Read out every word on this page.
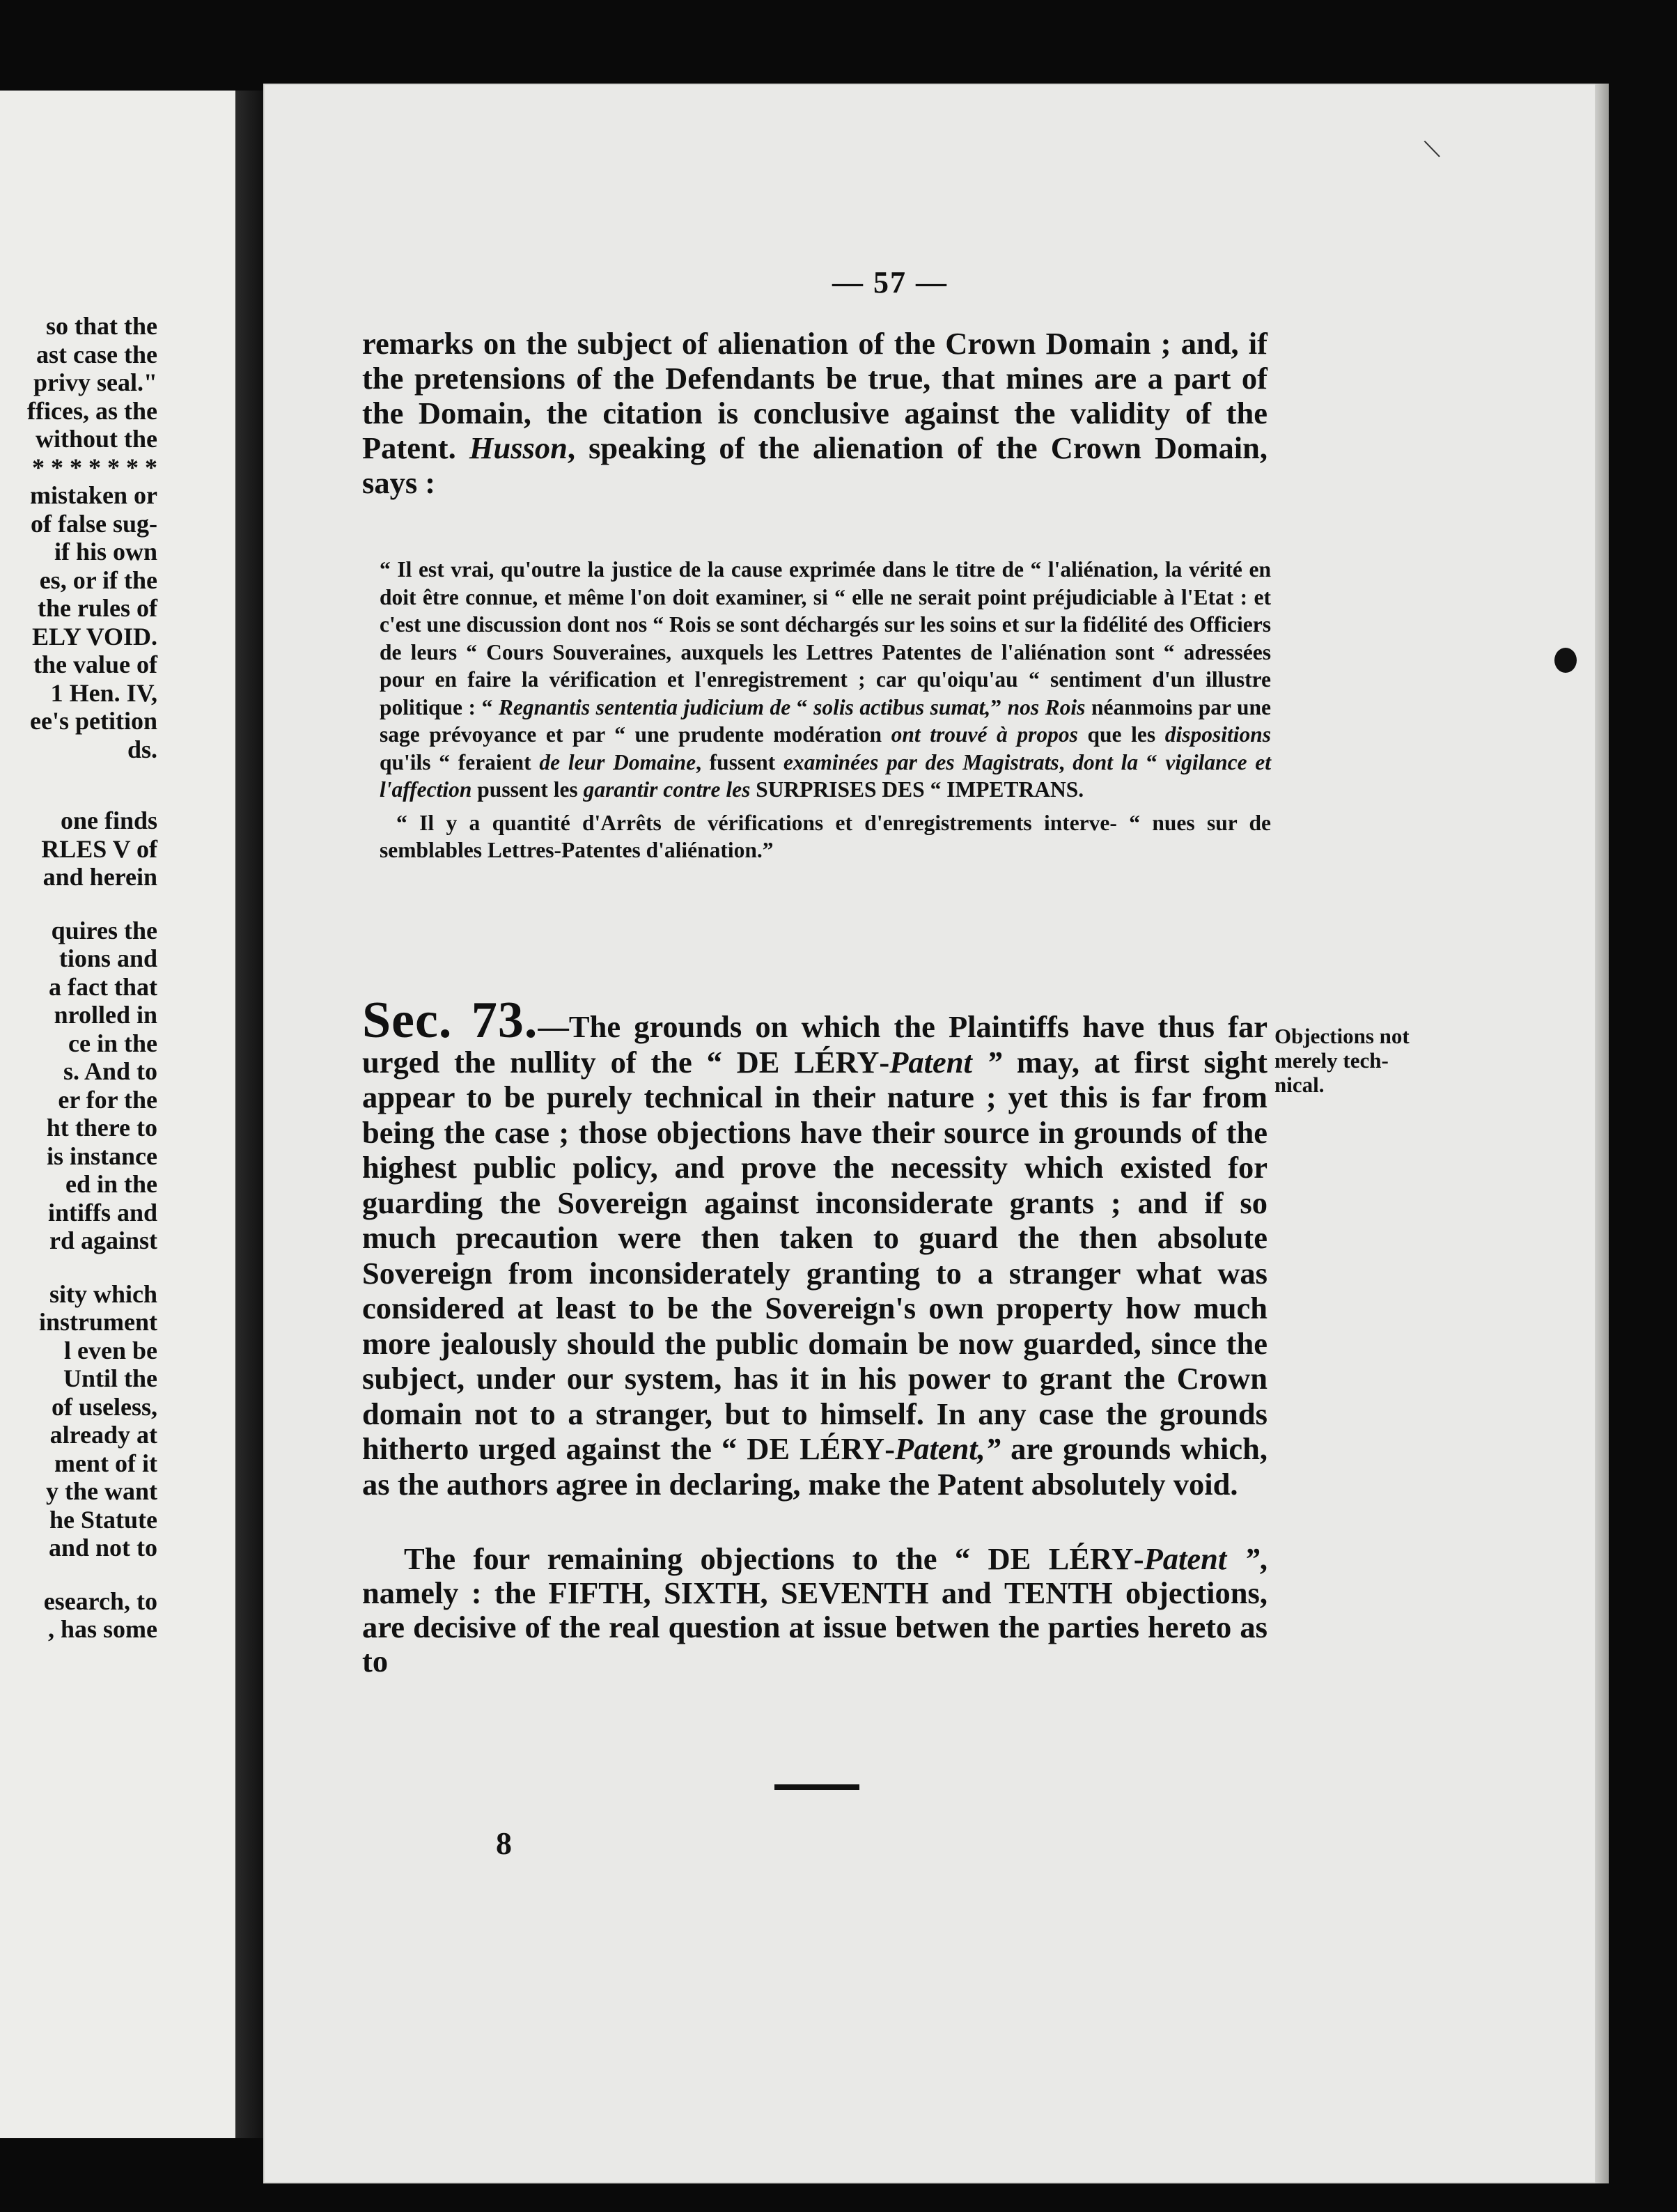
so that the
ast case the
privy seal."
ffices, as the
without the
* * * * * * *
mistaken or
of false sug-
if his own
es, or if the
the rules of
ELY VOID.
the value of
1 Hen. IV,
ee's petition
ds.
one finds
RLES V of
and herein
quires the
tions and
a fact that
nrolled in
ce in the
s. And to
er for the
ht there to
is instance
ed in the
intiffs and
rd against
sity which
instrument
l even be
Until the
of useless,
already at
ment of it
y the want
he Statute
and not to
esearch, to
, has some
\
— 57 —
remarks on the subject of alienation of the Crown Domain ; and, if the pretensions of the Defendants be true, that mines are a part of the Domain, the citation is conclusive against the validity of the Patent. Husson, speaking of the alienation of the Crown Domain, says :

“ Il est vrai, qu'outre la justice de la cause exprimée dans le titre de “ l'aliénation, la vérité en doit être connue, et même l'on doit examiner, si “ elle ne serait point préjudiciable à l'Etat : et c'est une discussion dont nos “ Rois se sont déchargés sur les soins et sur la fidélité des Officiers de leurs “ Cours Souveraines, auxquels les Lettres Patentes de l'aliénation sont “ adressées pour en faire la vérification et l'enregistrement ; car qu'oiqu'au “ sentiment d'un illustre politique : “ Regnantis sententia judicium de “ solis actibus sumat,” nos Rois néanmoins par une sage prévoyance et par “ une prudente modération ont trouvé à propos que les dispositions qu'ils “ feraient de leur Domaine, fussent examinées par des Magistrats, dont la “ vigilance et l'affection pussent les garantir contre les SURPRISES DES “ IMPETRANS.

“ Il y a quantité d'Arrêts de vérifications et d'enregistrements interve- “ nues sur de semblables Lettres-Patentes d'aliénation.”

Sec. 73.—The grounds on which the Plaintiffs have thus far urged the nullity of the “ DE LÉRY-Patent ” may, at first sight appear to be purely technical in their nature ; yet this is far from being the case ; those objections have their source in grounds of the highest public policy, and prove the necessity which existed for guarding the Sovereign against inconsiderate grants ; and if so much precaution were then taken to guard the then absolute Sovereign from inconsiderately granting to a stranger what was considered at least to be the Sovereign's own property how much more jealously should the public domain be now guarded, since the subject, under our system, has it in his power to grant the Crown domain not to a stranger, but to himself. In any case the grounds hitherto urged against the “ DE LÉRY-Patent,” are grounds which, as the authors agree in declaring, make the Patent absolutely void.
Objections not
merely tech-
nical.
The four remaining objections to the “ DE LÉRY-Patent ”, namely : the FIFTH, SIXTH, SEVENTH and TENTH objections, are decisive of the real question at issue betwen the parties hereto as to
8
